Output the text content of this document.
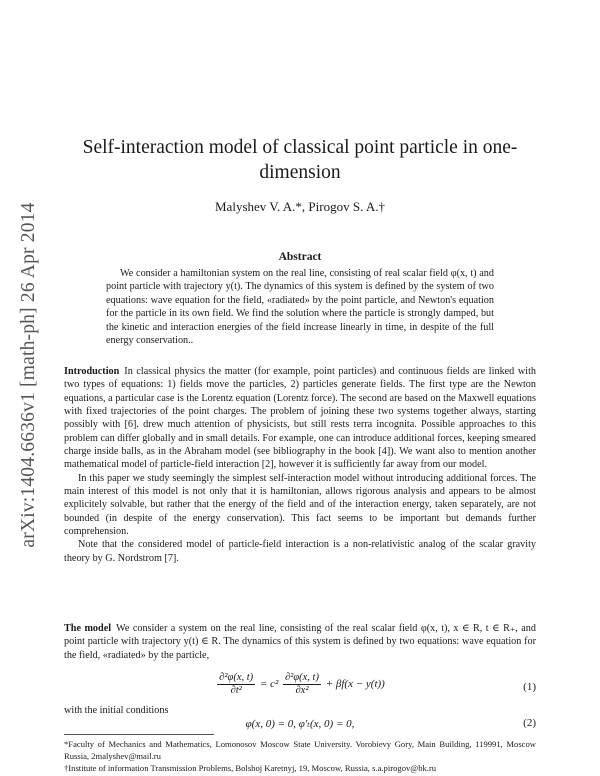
arXiv:1404.6636v1 [math-ph] 26 Apr 2014
Self-interaction model of classical point particle in one-dimension
Malyshev V. A.*, Pirogov S. A.†
Abstract

We consider a hamiltonian system on the real line, consisting of real scalar field φ(x, t) and point particle with trajectory y(t). The dynamics of this system is defined by the system of two equations: wave equation for the field, «radiated» by the point particle, and Newton's equation for the particle in its own field. We find the solution where the particle is strongly damped, but the kinetic and interaction energies of the field increase linearly in time, in despite of the full energy conservation..

Introduction In classical physics the matter (for example, point particles) and continuous fields are linked with two types of equations: 1) fields move the particles, 2) particles generate fields. The first type are the Newton equations, a particular case is the Lorentz equation (Lorentz force). The second are based on the Maxwell equations with fixed trajectories of the point charges. The problem of joining these two systems together always, starting possibly with [6]. drew much attention of physicists, but still rests terra incognita. Possible approaches to this problem can differ globally and in small details. For example, one can introduce additional forces, keeping smeared charge inside balls, as in the Abraham model (see bibliography in the book [4]). We want also to mention another mathematical model of particle-field interaction [2], however it is sufficiently far away from our model.

In this paper we study seemingly the simplest self-interaction model without introducing additional forces. The main interest of this model is not only that it is hamiltonian, allows rigorous analysis and appears to be almost explicitely solvable, but rather that the energy of the field and of the interaction energy, taken separately, are not bounded (in despite of the energy conservation). This fact seems to be important but demands further comprehension.

Note that the considered model of particle-field interaction is a non-relativistic analog of the scalar gravity theory by G. Nordstrom [7].

The model We consider a system on the real line, consisting of the real scalar field φ(x, t), x ∈ R, t ∈ R₊, and point particle with trajectory y(t) ∈ R. The dynamics of this system is defined by two equations: wave equation for the field, «radiated» by the particle,

$\frac{\text{∂²φ(x, t)}}{\text{∂t²}} = c^2 \frac{\text{∂²φ(x, t)}}{\text{∂x²}} + \beta f(x - y(t))$	(1)

with the initial conditions

φ(x, 0) = 0, φ′ₜ(x, 0) = 0,	(2)

*Faculty of Mechanics and Mathematics, Lomonosov Moscow State University. Vorobievy Gory, Main Building, 119991, Moscow Russia, 2malyshev@mail.ru

†Institute of information Transmission Problems, Bolshoj Karetnyj, 19, Moscow, Russia, s.a.pirogov@bk.ru
